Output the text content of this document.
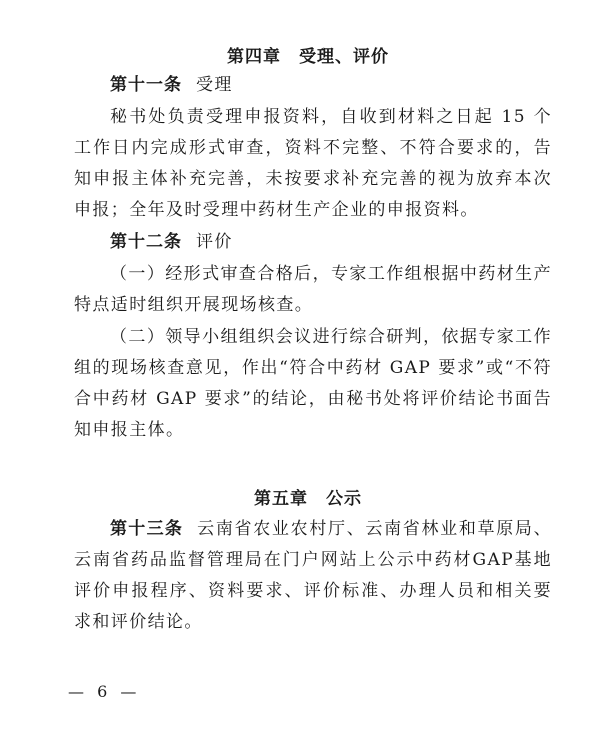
第四章 受理、评价
第十一条 受理
秘书处负责受理申报资料，自收到材料之日起 15 个工作日内完成形式审查，资料不完整、不符合要求的，告知申报主体补充完善，未按要求补充完善的视为放弃本次申报；全年及时受理中药材生产企业的申报资料。
第十二条 评价
（一）经形式审查合格后，专家工作组根据中药材生产特点适时组织开展现场核查。
（二）领导小组组织会议进行综合研判，依据专家工作组的现场核查意见，作出“符合中药材 GAP 要求”或“不符合中药材 GAP 要求”的结论，由秘书处将评价结论书面告知申报主体。
第五章 公示
第十三条 云南省农业农村厅、云南省林业和草原局、云南省药品监督管理局在门户网站上公示中药材GAP基地评价申报程序、资料要求、评价标准、办理人员和相关要求和评价结论。
— 6 —
